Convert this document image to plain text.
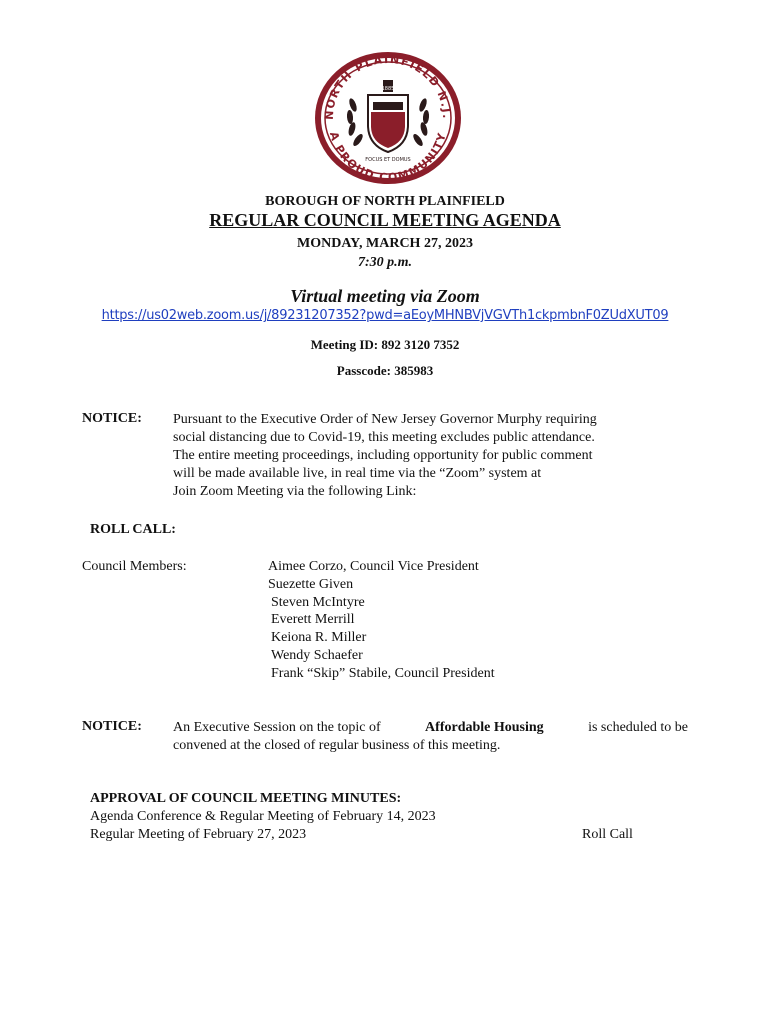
NORTH PLAINFIELD N.J.
A PROUD COMMUNITY
FOCUS ET DOMUS
1885
BOROUGH OF NORTH PLAINFIELD
REGULAR COUNCIL MEETING AGENDA
MONDAY, MARCH 27, 2023
7:30 p.m.
Virtual meeting via Zoom
https://us02web.zoom.us/j/89231207352?pwd=aEoyMHNBVjVGVTh1ckpmbnF0ZUdXUT09
Meeting ID: 892 3120 7352
Passcode: 385983
NOTICE: Pursuant to the Executive Order of New Jersey Governor Murphy requiring
social distancing due to Covid-19, this meeting excludes public attendance.
The entire meeting proceedings, including opportunity for public comment
will be made available live, in real time via the “Zoom” system at
Join Zoom Meeting via the following Link:
ROLL CALL:
Council Members:	Aimee Corzo, Council Vice President
Suezette Given
Steven McIntyre
Everett Merrill
Keiona R. Miller
Wendy Schaefer
Frank “Skip” Stabile, Council President
NOTICE: An Executive Session on the topic of	Affordable Housing	is scheduled to be
convened at the closed of regular business of this meeting.
APPROVAL OF COUNCIL MEETING MINUTES:
Agenda Conference & Regular Meeting of February 14, 2023
Regular Meeting of February 27, 2023	Roll Call
